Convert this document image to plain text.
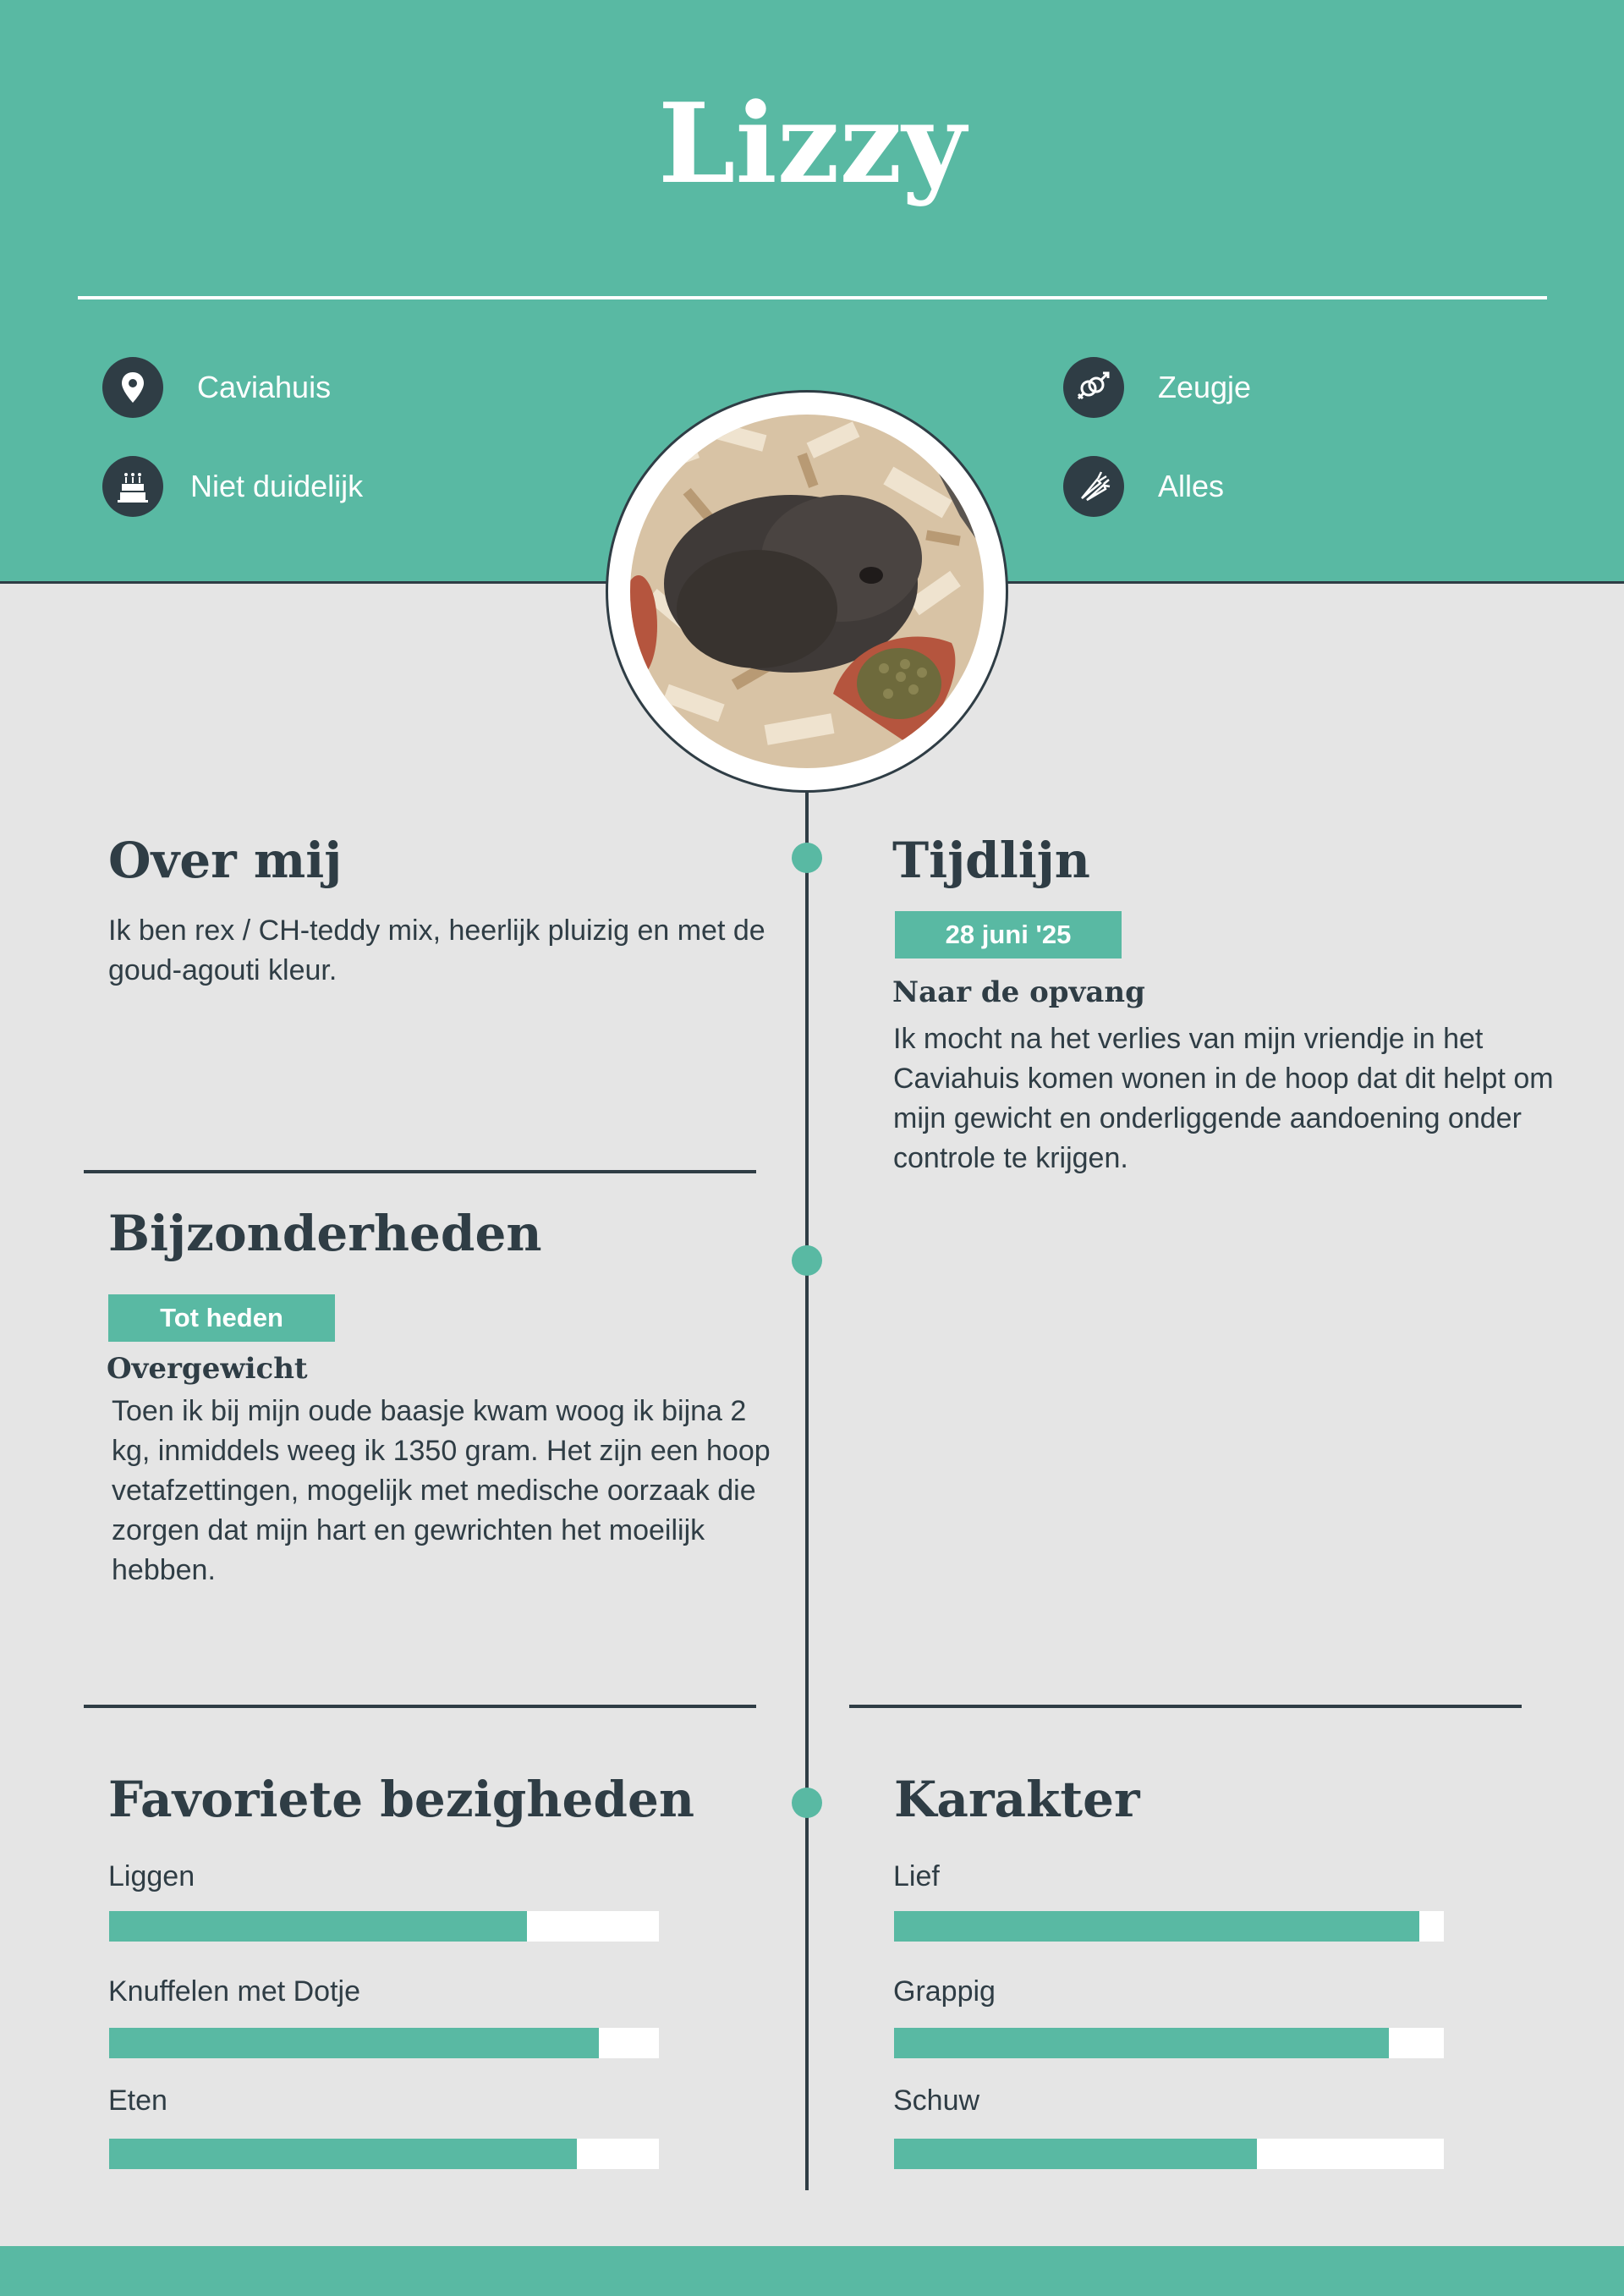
Lizzy
Caviahuis
Niet duidelijk
Zeugje
Alles
Over mij
Ik ben rex / CH-teddy mix, heerlijk pluizig en met de goud-agouti kleur.
Tijdlijn
28 juni '25
Naar de opvang
Ik mocht na het verlies van mijn vriendje in het Caviahuis komen wonen in de hoop dat dit helpt om mijn gewicht en onderliggende aandoening onder controle te krijgen.
Bijzonderheden
Tot heden
Overgewicht
Toen ik bij mijn oude baasje kwam woog ik bijna 2 kg, inmiddels weeg ik 1350 gram. Het zijn een hoop vetafzettingen, mogelijk met medische oorzaak die zorgen dat mijn hart en gewrichten het moeilijk hebben.
Favoriete bezigheden
Liggen
Knuffelen met Dotje
Eten
Karakter
Lief
Grappig
Schuw
